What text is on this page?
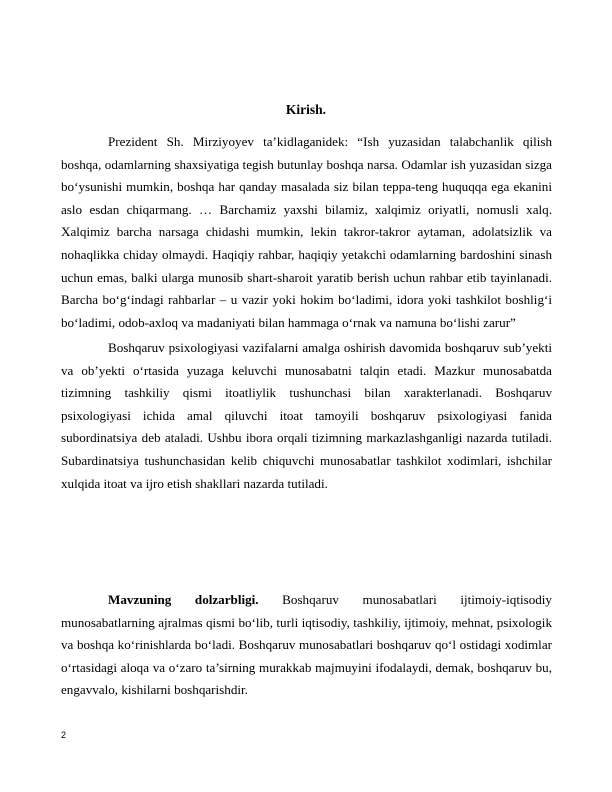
Kirish.

Prezident Sh. Mirziyoyev taʼkidlaganidek: “Ish yuzasidan talabchanlik qilish boshqa, odamlarning shaxsiyatiga tegish butunlay boshqa narsa. Odamlar ish yuzasidan sizga boʻysunishi mumkin, boshqa har qanday masalada siz bilan teppa-teng huquqqa ega ekanini aslo esdan chiqarmang. … Barchamiz yaxshi bilamiz, xalqimiz oriyatli, nomusli xalq. Xalqimiz barcha narsaga chidashi mumkin, lekin takror-takror aytaman, adolatsizlik va nohaqlikka chiday olmaydi. Haqiqiy rahbar, haqiqiy yetakchi odamlarning bardoshini sinash uchun emas, balki ularga munosib shart-sharoit yaratib berish uchun rahbar etib tayinlanadi. Barcha boʻgʻindagi rahbarlar – u vazir yoki hokim boʻladimi, idora yoki tashkilot boshligʻi boʻladimi, odob-axloq va madaniyati bilan hammaga oʻrnak va namuna boʻlishi zarur”

Boshqaruv psixologiyasi vazifalarni amalga oshirish davomida boshqaruv sub’yekti va ob’yekti oʻrtasida yuzaga keluvchi munosabatni talqin etadi. Mazkur munosabatda tizimning tashkiliy qismi itoatliylik tushunchasi bilan xarakterlanadi. Boshqaruv psixologiyasi ichida amal qiluvchi itoat tamoyili boshqaruv psixologiyasi fanida subordinatsiya deb ataladi. Ushbu ibora orqali tizimning markazlashganligi nazarda tutiladi. Subardinatsiya tushunchasidan kelib chiquvchi munosabatlar tashkilot xodimlari, ishchilar xulqida itoat va ijro etish shakllari nazarda tutiladi.

Mavzuning dolzarbligi. Boshqaruv munosabatlari ijtimoiy-iqtisodiy munosabatlarning ajralmas qismi boʻlib, turli iqtisodiy, tashkiliy, ijtimoiy, mehnat, psixologik va boshqa koʻrinishlarda boʻladi. Boshqaruv munosabatlari boshqaruv qoʻl ostidagi xodimlar oʻrtasidagi aloqa va oʻzaro ta’sirning murakkab majmuyini ifodalaydi, demak, boshqaruv bu, engavvalo, kishilarni boshqarishdir.

2
